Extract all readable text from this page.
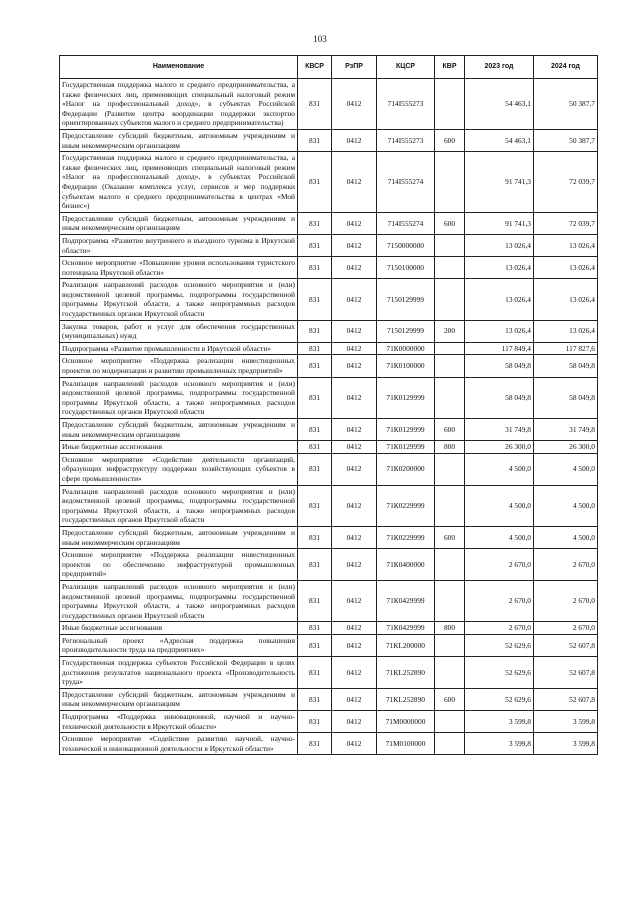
103
Наименование	КВСР	РзПР	КЦСР	КВР	2023 год	2024 год
Государственная поддержка малого и среднего предпринимательства, а также физических лиц, применяющих специальный налоговый режим «Налог на профессиональный доход», в субъектах Российской Федерации (Развитие центра координации поддержки экспортно ориентированных субъектов малого и среднего предпринимательства)	831	0412	714I555273		54 463,1	50 387,7
Предоставление субсидий бюджетным, автономным учреждениям и иным некоммерческим организациям	831	0412	714I555273	600	54 463,1	50 387,7
Государственная поддержка малого и среднего предпринимательства, а также физических лиц, применяющих специальный налоговый режим «Налог на профессиональный доход», в субъектах Российской Федерации (Оказание комплекса услуг, сервисов и мер поддержки субъектам малого и среднего предпринимательства в центрах «Мой бизнес»)	831	0412	714I555274		91 741,3	72 039,7
Предоставление субсидий бюджетным, автономным учреждениям и иным некоммерческим организациям	831	0412	714I555274	600	91 741,3	72 039,7
Подпрограмма «Развитие внутреннего и въездного туризма в Иркутской области»	831	0412	7150000000		13 026,4	13 026,4
Основное мероприятие «Повышение уровня использования туристского потенциала Иркутской области»	831	0412	7150100000		13 026,4	13 026,4
Реализация направлений расходов основного мероприятия и (или) ведомственной целевой программы, подпрограммы государственной программы Иркутской области, а также непрограммных расходов государственных органов Иркутской области	831	0412	7150129999		13 026,4	13 026,4
Закупка товаров, работ и услуг для обеспечения государственных (муниципальных) нужд	831	0412	7150129999	200	13 026,4	13 026,4
Подпрограмма «Развитие промышленности в Иркутской области»	831	0412	71К0000000		117 849,4	117 827,6
Основное мероприятие «Поддержка реализации инвестиционных проектов по модернизации и развитию промышленных предприятий»	831	0412	71К0100000		58 049,8	58 049,8
Реализация направлений расходов основного мероприятия и (или) ведомственной целевой программы, подпрограммы государственной программы Иркутской области, а также непрограммных расходов государственных органов Иркутской области	831	0412	71К0129999		58 049,8	58 049,8
Предоставление субсидий бюджетным, автономным учреждениям и иным некоммерческим организациям	831	0412	71К0129999	600	31 749,8	31 749,8
Иные бюджетные ассигнования	831	0412	71К0129999	800	26 300,0	26 300,0
Основное мероприятие «Содействие деятельности организаций, образующих инфраструктуру поддержки хозяйствующих субъектов в сфере промышленности»	831	0412	71К0200000		4 500,0	4 500,0
Реализация направлений расходов основного мероприятия и (или) ведомственной целевой программы, подпрограммы государственной программы Иркутской области, а также непрограммных расходов государственных органов Иркутской области	831	0412	71К0229999		4 500,0	4 500,0
Предоставление субсидий бюджетным, автономным учреждениям и иным некоммерческим организациям	831	0412	71К0229999	600	4 500,0	4 500,0
Основное мероприятие «Поддержка реализации инвестиционных проектов по обеспечению инфраструктурой промышленных предприятий»	831	0412	71К0400000		2 670,0	2 670,0
Реализация направлений расходов основного мероприятия и (или) ведомственной целевой программы, подпрограммы государственной программы Иркутской области, а также непрограммных расходов государственных органов Иркутской области	831	0412	71К0429999		2 670,0	2 670,0
Иные бюджетные ассигнования	831	0412	71К0429999	800	2 670,0	2 670,0
Региональный проект «Адресная поддержка повышения производительности труда на предприятиях»	831	0412	71КL200000		52 629,6	52 607,8
Государственная поддержка субъектов Российской Федерации в целях достижения результатов национального проекта «Производительность труда»	831	0412	71КL252890		52 629,6	52 607,8
Предоставление субсидий бюджетным, автономным учреждениям и иным некоммерческим организациям	831	0412	71КL252890	600	52 629,6	52 607,8
Подпрограмма «Поддержка инновационной, научной и научно-технической деятельности в Иркутской области»	831	0412	71М0000000		3 599,8	3 599,8
Основное мероприятие «Содействие развитию научной, научно-технической и инновационной деятельности в Иркутской области»	831	0412	71М0100000		3 599,8	3 599,8
